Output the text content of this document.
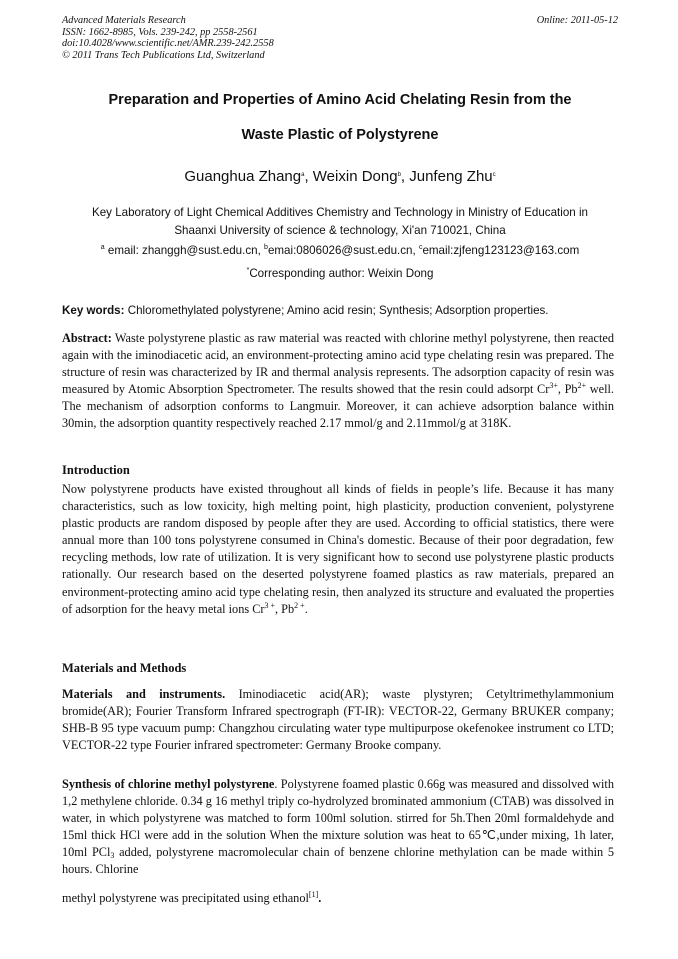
Advanced Materials Research
ISSN: 1662-8985, Vols. 239-242, pp 2558-2561
doi:10.4028/www.scientific.net/AMR.239-242.2558
© 2011 Trans Tech Publications Ltd, Switzerland
Online: 2011-05-12
Preparation and Properties of Amino Acid Chelating Resin from the
Waste Plastic of Polystyrene
Guanghua Zhang$^a$, Weixin Dong$^b$, Junfeng Zhu$^c$
Key Laboratory of Light Chemical Additives Chemistry and Technology in Ministry of Education in
Shaanxi University of science & technology, Xi'an 710021, China
$^a$ email: zhanggh@sust.edu.cn, $^b$emai:0806026@sust.edu.cn, $^c$email:zjfeng123123@163.com
*Corresponding author: Weixin Dong
Key words: Chloromethylated polystyrene; Amino acid resin; Synthesis; Adsorption properties.
Abstract: Waste polystyrene plastic as raw material was reacted with chlorine methyl polystyrene, then reacted again with the iminodiacetic acid, an environment-protecting amino acid type chelating resin was prepared. The structure of resin was characterized by IR and thermal analysis represents. The adsorption capacity of resin was measured by Atomic Absorption Spectrometer. The results showed that the resin could adsorpt $Cr^{3+}$, $Pb^{2+}$ well. The mechanism of adsorption conforms to Langmuir. Moreover, it can achieve adsorption balance within 30min, the adsorption quantity respectively reached 2.17 mmol/g and 2.11mmol/g at 318K.
Introduction
Now polystyrene products have existed throughout all kinds of fields in people’s life. Because it has many characteristics, such as low toxicity, high melting point, high plasticity, production convenient, polystyrene plastic products are random disposed by people after they are used. According to official statistics, there were annual more than 100 tons polystyrene consumed in China's domestic. Because of their poor degradation, few recycling methods, low rate of utilization. It is very significant how to second use polystyrene plastic products rationally. Our research based on the deserted polystyrene foamed plastics as raw materials, prepared an environment-protecting amino acid type chelating resin, then analyzed its structure and evaluated the properties of adsorption for the heavy metal ions $Cr^{3 +}$, $Pb^{2 +}$.
Materials and Methods
Materials and instruments. Iminodiacetic acid(AR); waste plystyren; Cetyltrimethylammonium bromide(AR); Fourier Transform Infrared spectrograph (FT-IR): VECTOR-22, Germany BRUKER company; SHB-B 95 type vacuum pump: Changzhou circulating water type multipurpose okefenokee instrument co LTD; VECTOR-22 type Fourier infrared spectrometer: Germany Brooke company.
Synthesis of chlorine methyl polystyrene. Polystyrene foamed plastic 0.66g was measured and dissolved with 1,2 methylene chloride. 0.34 g 16 methyl triply co-hydrolyzed brominated ammonium (CTAB) was dissolved in water, in which polystyrene was matched to form 100ml solution. stirred for 5h.Then 20ml formaldehyde and 15ml thick HCl were add in the solution When the mixture solution was heat to 65℃,under mixing, 1h later, 10ml PCl$_3$ added, polystyrene macromolecular chain of benzene chlorine methylation can be made within 5 hours. Chlorine
methyl polystyrene was precipitated using ethanol[1].
